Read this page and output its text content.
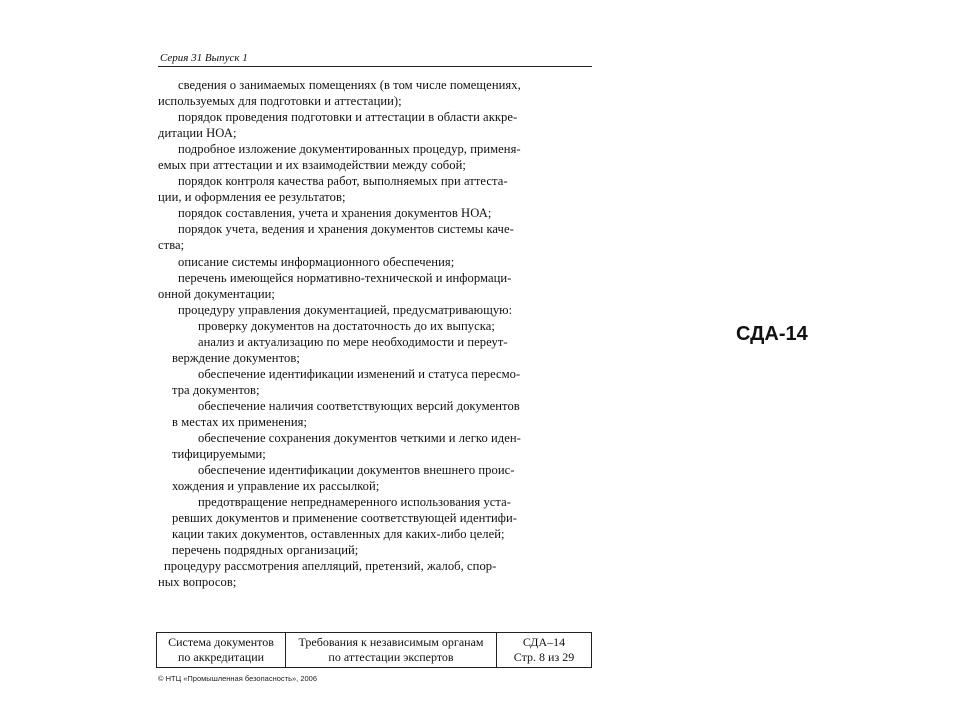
Серия 31 Выпуск 1
сведения о занимаемых помещениях (в том числе помещениях,
используемых для подготовки и аттестации);
порядок проведения подготовки и аттестации в области аккре-
дитации НОА;
подробное изложение документированных процедур, применя-
емых при аттестации и их взаимодействии между собой;
порядок контроля качества работ, выполняемых при аттеста-
ции, и оформления ее результатов;
порядок составления, учета и хранения документов НОА;
порядок учета, ведения и хранения документов системы каче-
ства;
описание системы информационного обеспечения;
перечень имеющейся нормативно-технической и информаци-
онной документации;
процедуру управления документацией, предусматривающую:
проверку документов на достаточность до их выпуска;
анализ и актуализацию по мере необходимости и переут-
верждение документов;
обеспечение идентификации изменений и статуса пересмо-
тра документов;
обеспечение наличия соответствующих версий документов
в местах их применения;
обеспечение сохранения документов четкими и легко иден-
тифицируемыми;
обеспечение идентификации документов внешнего проис-
хождения и управление их рассылкой;
предотвращение непреднамеренного использования уста-
ревших документов и применение соответствующей идентифи-
кации таких документов, оставленных для каких-либо целей;
перечень подрядных организаций;
процедуру рассмотрения апелляций, претензий, жалоб, спор-
ных вопросов;
Система документов
по аккредитации
Требования к независимым органам
по аттестации экспертов
СДА–14
Стр. 8 из 29
© НТЦ «Промышленная безопасность», 2006
СДА-14
